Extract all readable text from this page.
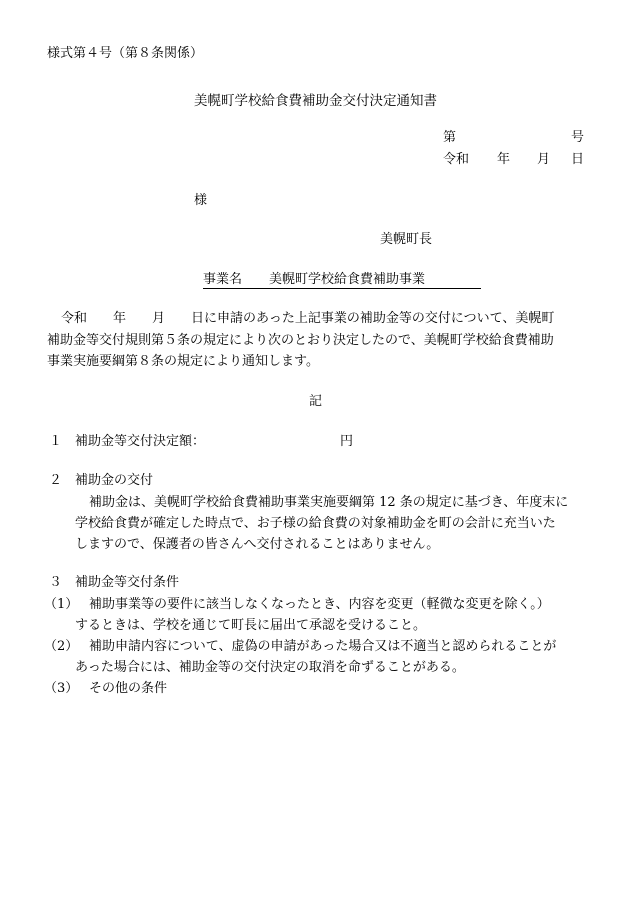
様式第４号（第８条関係）
美幌町学校給食費補助金交付決定通知書
第	号
令和 年 月 日
様
美幌町長
事業名 美幌町学校給食費補助事業
令和　　年　　月　　日に申請のあった上記事業の補助金等の交付について、美幌町
補助金等交付規則第５条の規定により次のとおり決定したので、美幌町学校給食費補助
事業実施要綱第８条の規定により通知します。
記
１ 補助金等交付決定額：	円
２ 補助金の交付
補助金は、美幌町学校給食費補助事業実施要綱第 12 条の規定に基づき、年度末に
学校給食費が確定した時点で、お子様の給食費の対象補助金を町の会計に充当いた
しますので、保護者の皆さんへ交付されることはありません。
３ 補助金等交付条件
（1） 補助事業等の要件に該当しなくなったとき、内容を変更（軽微な変更を除く。）
するときは、学校を通じて町長に届出て承認を受けること。
（2） 補助申請内容について、虚偽の申請があった場合又は不適当と認められることが
あった場合には、補助金等の交付決定の取消を命ずることがある。
（3） その他の条件
